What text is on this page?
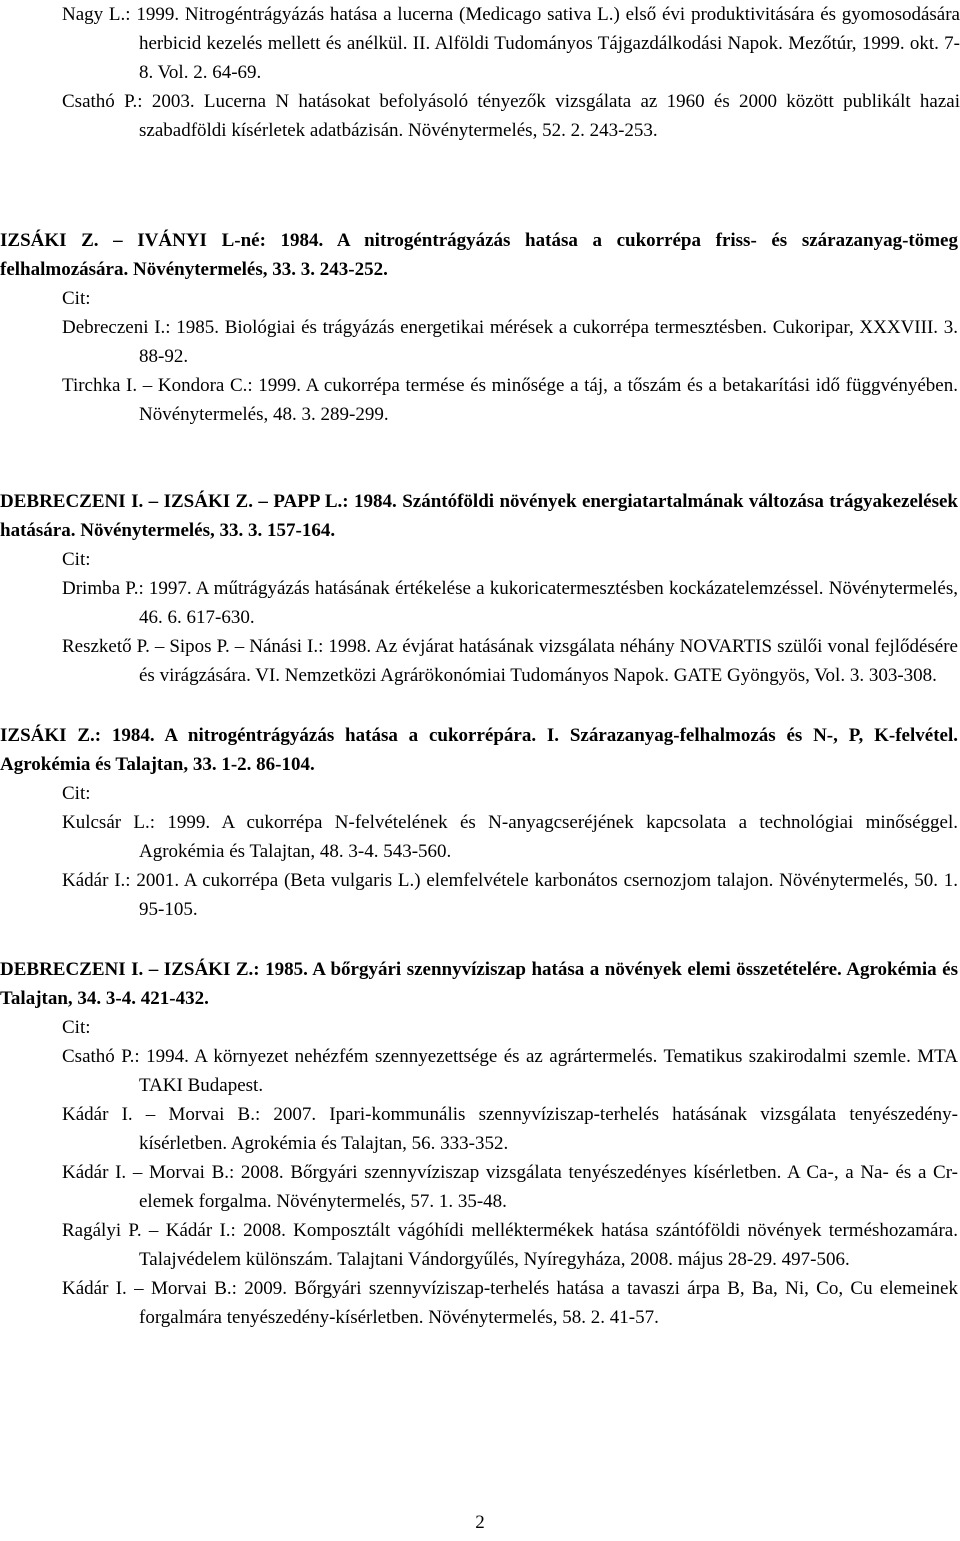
Nagy L.: 1999. Nitrogéntrágyázás hatása a lucerna (Medicago sativa L.) első évi produktivitására és gyomosodására herbicid kezelés mellett és anélkül. II. Alföldi Tudományos Tájgazdálkodási Napok. Mezőtúr, 1999. okt. 7-8. Vol. 2. 64-69.

Csathó P.: 2003. Lucerna N hatásokat befolyásoló tényezők vizsgálata az 1960 és 2000 között publikált hazai szabadföldi kísérletek adatbázisán. Növénytermelés, 52. 2. 243-253.

IZSÁKI Z. – IVÁNYI L-né: 1984. A nitrogéntrágyázás hatása a cukorrépa friss- és szárazanyag-tömeg felhalmozására. Növénytermelés, 33. 3. 243-252.

Cit:

Debreczeni I.: 1985. Biológiai és trágyázás energetikai mérések a cukorrépa termesztésben. Cukoripar, XXXVIII. 3. 88-92.

Tirchka I. – Kondora C.: 1999. A cukorrépa termése és minősége a táj, a tőszám és a betakarítási idő függvényében. Növénytermelés, 48. 3. 289-299.

DEBRECZENI I. – IZSÁKI Z. – PAPP L.: 1984. Szántóföldi növények energiatartalmának változása trágyakezelések hatására. Növénytermelés, 33. 3. 157-164.

Cit:

Drimba P.: 1997. A műtrágyázás hatásának értékelése a kukoricatermesztésben kockázatelemzéssel. Növénytermelés, 46. 6. 617-630.

Reszkető P. – Sipos P. – Nánási I.: 1998. Az évjárat hatásának vizsgálata néhány NOVARTIS szülői vonal fejlődésére és virágzására. VI. Nemzetközi Agrárökonómiai Tudományos Napok. GATE Gyöngyös, Vol. 3. 303-308.

IZSÁKI Z.: 1984. A nitrogéntrágyázás hatása a cukorrépára. I. Szárazanyag-felhalmozás és N-, P, K-felvétel. Agrokémia és Talajtan, 33. 1-2. 86-104.

Cit:

Kulcsár L.: 1999. A cukorrépa N-felvételének és N-anyagcseréjének kapcsolata a technológiai minőséggel. Agrokémia és Talajtan, 48. 3-4. 543-560.

Kádár I.: 2001. A cukorrépa (Beta vulgaris L.) elemfelvétele karbonátos csernozjom talajon. Növénytermelés, 50. 1. 95-105.

DEBRECZENI I. – IZSÁKI Z.: 1985. A bőrgyári szennyvíziszap hatása a növények elemi összetételére. Agrokémia és Talajtan, 34. 3-4. 421-432.

Cit:

Csathó P.: 1994. A környezet nehézfém szennyezettsége és az agrártermelés. Tematikus szakirodalmi szemle. MTA TAKI Budapest.

Kádár I. – Morvai B.: 2007. Ipari-kommunális szennyvíziszap-terhelés hatásának vizsgálata tenyészedény-kísérletben. Agrokémia és Talajtan, 56. 333-352.

Kádár I. – Morvai B.: 2008. Bőrgyári szennyvíziszap vizsgálata tenyészedényes kísérletben. A Ca-, a Na- és a Cr-elemek forgalma. Növénytermelés, 57. 1. 35-48.

Ragályi P. – Kádár I.: 2008. Komposztált vágóhídi melléktermékek hatása szántóföldi növények terméshozamára. Talajvédelem különszám. Talajtani Vándorgyűlés, Nyíregyháza, 2008. május 28-29. 497-506.

Kádár I. – Morvai B.: 2009. Bőrgyári szennyvíziszap-terhelés hatása a tavaszi árpa B, Ba, Ni, Co, Cu elemeinek forgalmára tenyészedény-kísérletben. Növénytermelés, 58. 2. 41-57.

2
